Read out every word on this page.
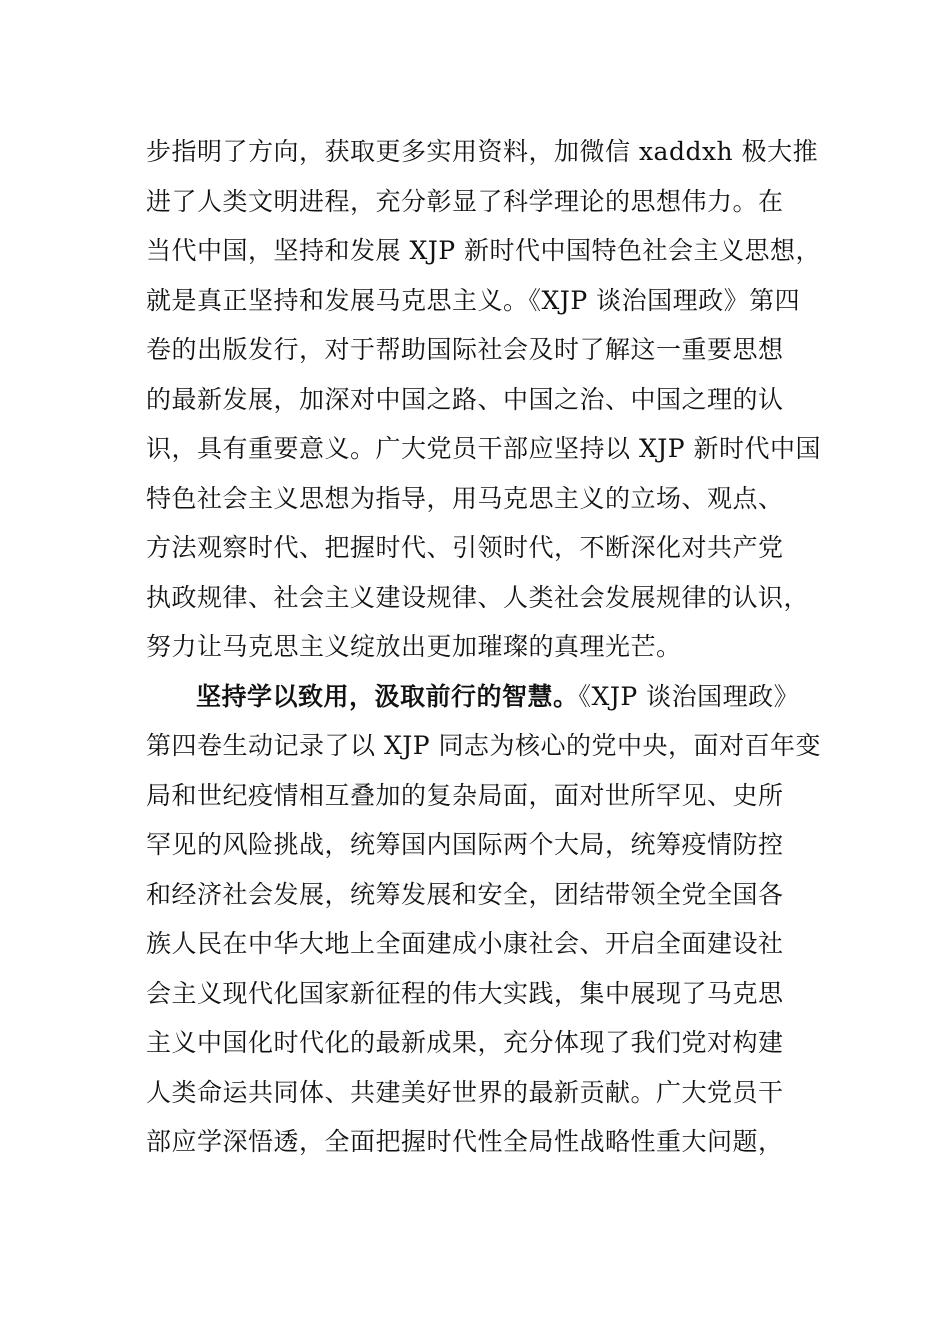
步指明了方向，获取更多实用资料，加微信 xaddxh 极大推
进了人类文明进程，充分彰显了科学理论的思想伟力。在
当代中国，坚持和发展 XJP 新时代中国特色社会主义思想，
就是真正坚持和发展马克思主义。《XJP 谈治国理政》第四
卷的出版发行，对于帮助国际社会及时了解这一重要思想
的最新发展，加深对中国之路、中国之治、中国之理的认
识，具有重要意义。广大党员干部应坚持以 XJP 新时代中国
特色社会主义思想为指导，用马克思主义的立场、观点、
方法观察时代、把握时代、引领时代，不断深化对共产党
执政规律、社会主义建设规律、人类社会发展规律的认识，
努力让马克思主义绽放出更加璀璨的真理光芒。
坚持学以致用，汲取前行的智慧。《XJP 谈治国理政》
第四卷生动记录了以 XJP 同志为核心的党中央，面对百年变
局和世纪疫情相互叠加的复杂局面，面对世所罕见、史所
罕见的风险挑战，统筹国内国际两个大局，统筹疫情防控
和经济社会发展，统筹发展和安全，团结带领全党全国各
族人民在中华大地上全面建成小康社会、开启全面建设社
会主义现代化国家新征程的伟大实践，集中展现了马克思
主义中国化时代化的最新成果，充分体现了我们党对构建
人类命运共同体、共建美好世界的最新贡献。广大党员干
部应学深悟透，全面把握时代性全局性战略性重大问题，
